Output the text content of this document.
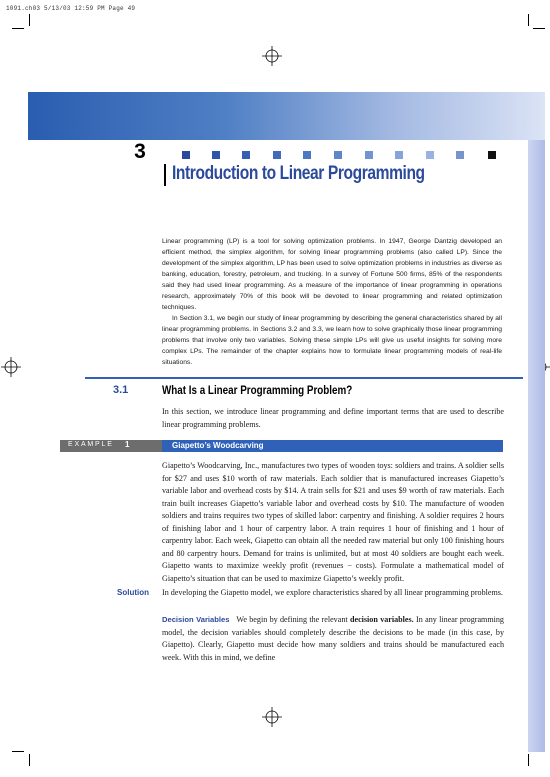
1091.ch03 5/13/03 12:59 PM Page 49
3
Introduction to Linear Programming

Linear programming (LP) is a tool for solving optimization problems. In 1947, George Dantzig developed an efficient method, the simplex algorithm, for solving linear programming problems (also called LP). Since the development of the simplex algorithm, LP has been used to solve optimization problems in industries as diverse as banking, education, forestry, petroleum, and trucking. In a survey of Fortune 500 firms, 85% of the respondents said they had used linear programming. As a measure of the importance of linear programming in operations research, approximately 70% of this book will be devoted to linear programming and related optimization techniques.

In Section 3.1, we begin our study of linear programming by describing the general characteristics shared by all linear programming problems. In Sections 3.2 and 3.3, we learn how to solve graphically those linear programming problems that involve only two variables. Solving these simple LPs will give us useful insights for solving more complex LPs. The remainder of the chapter explains how to formulate linear programming models of real-life situations.

3.1	What Is a Linear Programming Problem?

In this section, we introduce linear programming and define important terms that are used to describe linear programming problems.

EXAMPLE 1	Giapetto’s Woodcarving

Giapetto’s Woodcarving, Inc., manufactures two types of wooden toys: soldiers and trains. A soldier sells for $27 and uses $10 worth of raw materials. Each soldier that is manufactured increases Giapetto’s variable labor and overhead costs by $14. A train sells for $21 and uses $9 worth of raw materials. Each train built increases Giapetto’s variable labor and overhead costs by $10. The manufacture of wooden soldiers and trains requires two types of skilled labor: carpentry and finishing. A soldier requires 2 hours of finishing labor and 1 hour of carpentry labor. A train requires 1 hour of finishing and 1 hour of carpentry labor. Each week, Giapetto can obtain all the needed raw material but only 100 finishing hours and 80 carpentry hours. Demand for trains is unlimited, but at most 40 soldiers are bought each week. Giapetto wants to maximize weekly profit (revenues − costs). Formulate a mathematical model of Giapetto’s situation that can be used to maximize Giapetto’s weekly profit.

Solution In developing the Giapetto model, we explore characteristics shared by all linear programming problems.

Decision Variables We begin by defining the relevant decision variables. In any linear programming model, the decision variables should completely describe the decisions to be made (in this case, by Giapetto). Clearly, Giapetto must decide how many soldiers and trains should be manufactured each week. With this in mind, we define
